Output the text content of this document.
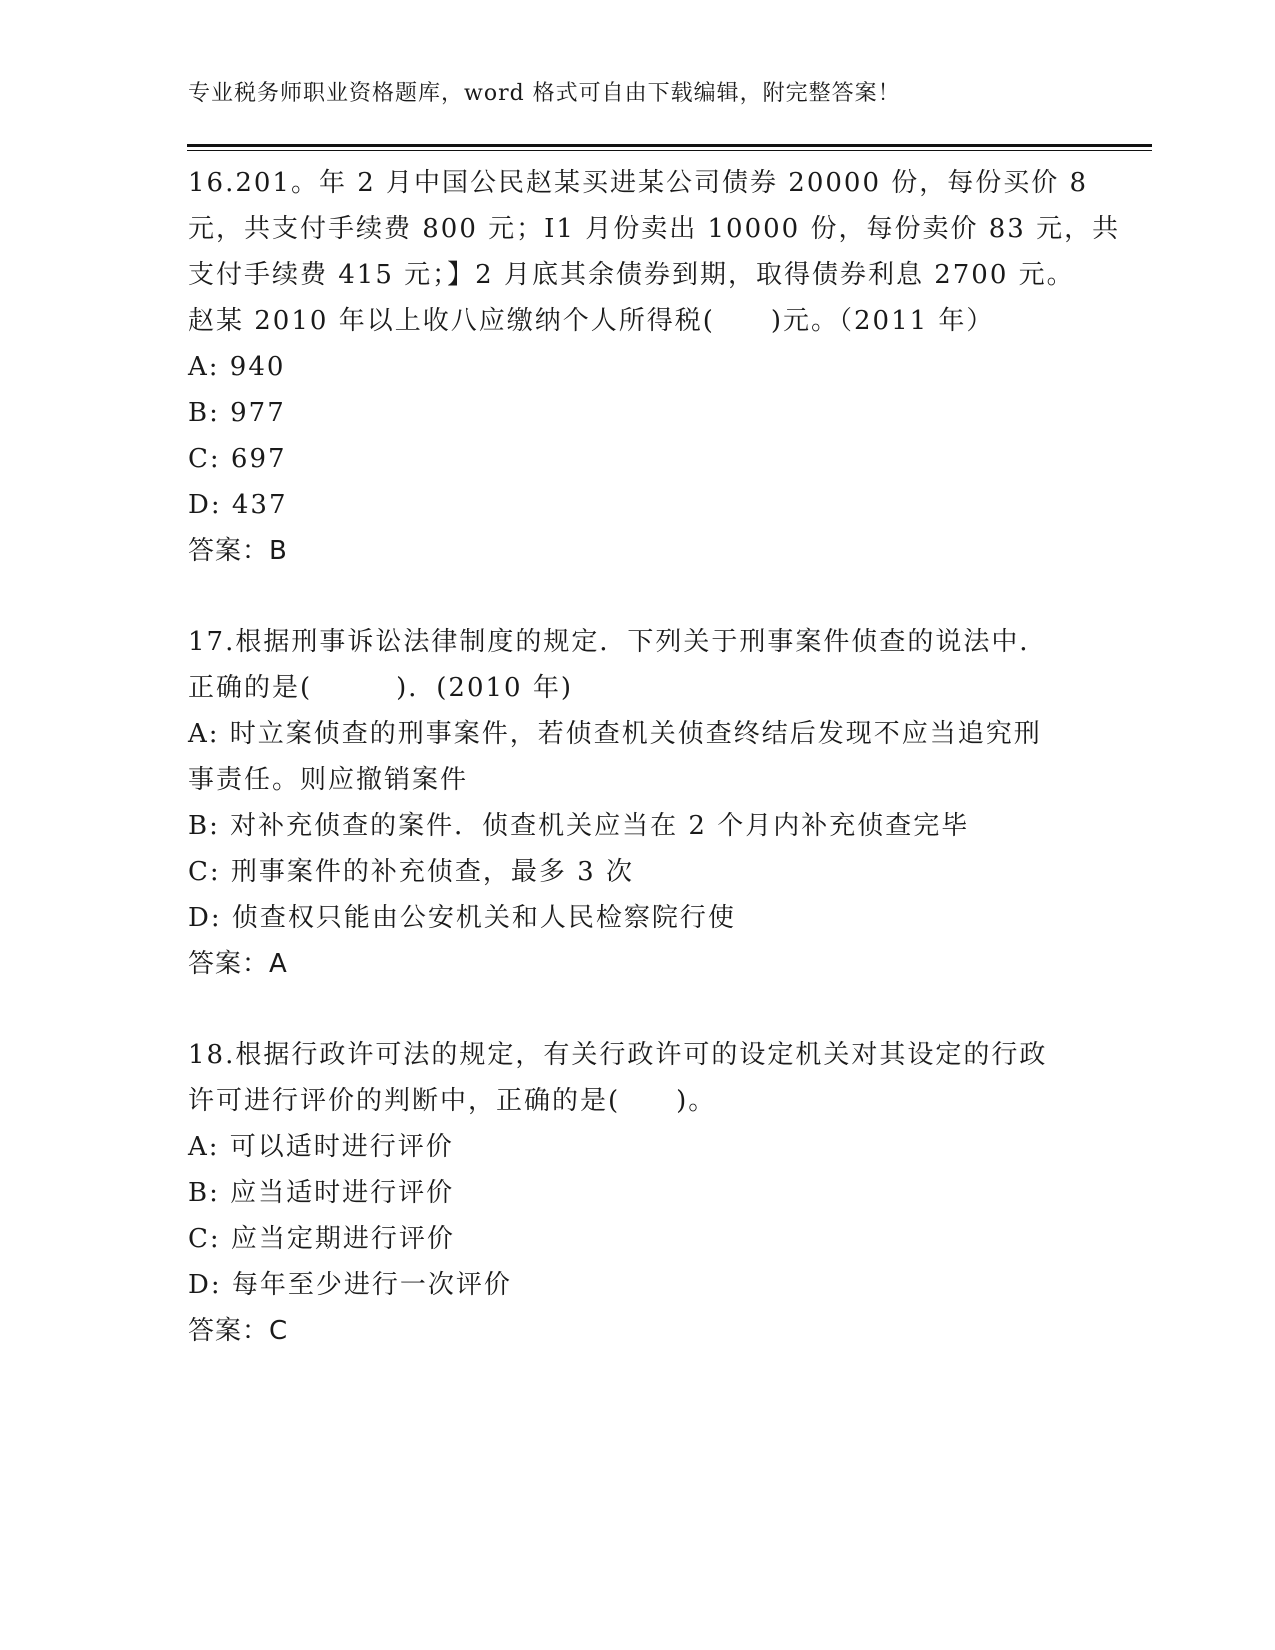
专业税务师职业资格题库，word 格式可自由下载编辑，附完整答案！
16.201。年 2 月中国公民赵某买进某公司债券 20000 份，每份买价 8
元，共支付手续费 800 元；I1 月份卖出 10000 份，每份卖价 83 元，共
支付手续费 415 元；】2 月底其余债券到期，取得债券利息 2700 元。
赵某 2010 年以上收八应缴纳个人所得税(　　)元。（2011 年）
A: 940
B: 977
C: 697
D: 437
答案：B
17.根据刑事诉讼法律制度的规定．下列关于刑事案件侦查的说法中．
正确的是(　　　)．(2010 年)
A: 时立案侦查的刑事案件，若侦查机关侦查终结后发现不应当追究刑
事责任。则应撤销案件
B: 对补充侦查的案件．侦查机关应当在 2 个月内补充侦查完毕
C: 刑事案件的补充侦查，最多 3 次
D: 侦查权只能由公安机关和人民检察院行使
答案：A
18.根据行政许可法的规定，有关行政许可的设定机关对其设定的行政
许可进行评价的判断中，正确的是(　　)。
A: 可以适时进行评价
B: 应当适时进行评价
C: 应当定期进行评价
D: 每年至少进行一次评价
答案：C
